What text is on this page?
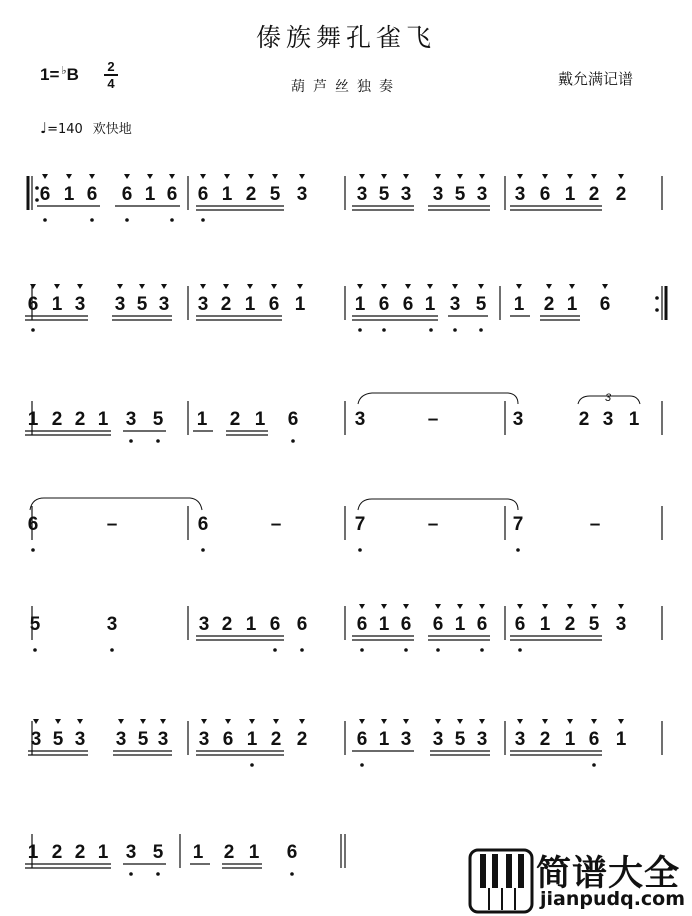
傣族舞孔雀飞
1= ♭B 2
4	葫芦丝独奏	戴允满记谱
♩=140 欢快地
6 1 6 6 1 6 6 1 2 5 3	3 5 3 3 5 3 3 6 1 2 2
6 1 3 3 5 3 3 2 1 6 1	1 6 6 1 3 5 1 2 1 6
1 2 2 1 3 5 1 2 1 6	3	–	3	2 3 1
6	–	6	–	7	–	7	–
5	3	3 2 1 6 6	6 1 6 6 1 6 6 1 2 5 3
3 5 3 3 5 3 3 6 1 2 2	6 1 3 3 5 3 3 2 1 6 1
1 2 2 1 3 5 1 2 1 6
3
简谱大全
jianpudq.com
